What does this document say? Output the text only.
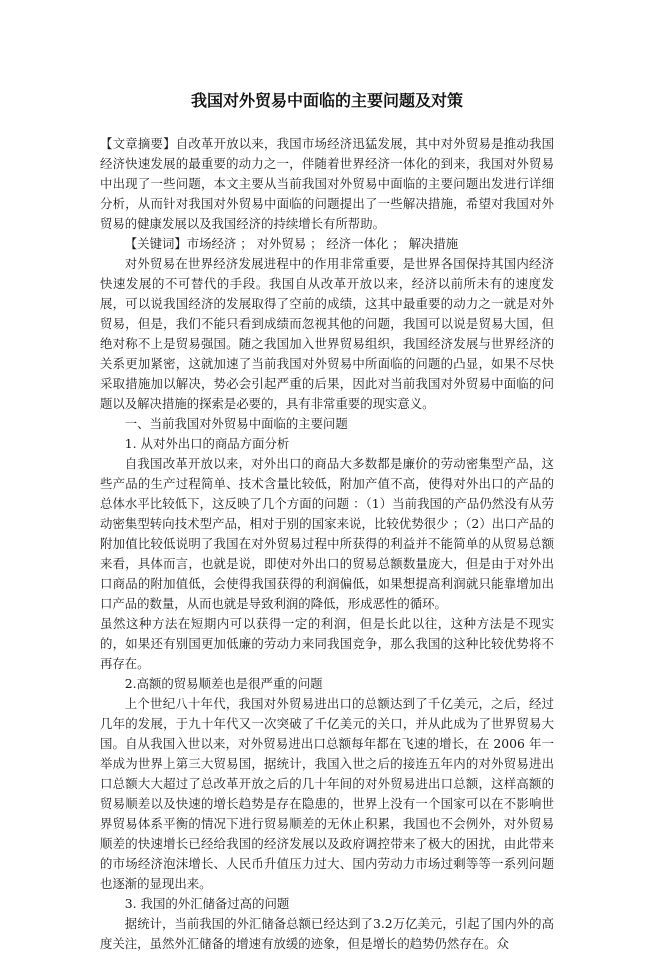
我国对外贸易中面临的主要问题及对策

【文章摘要】自改革开放以来，我国市场经济迅猛发展，其中对外贸易是推动我国经济快速发展的最重要的动力之一，伴随着世界经济一体化的到来，我国对外贸易中出现了一些问题，本文主要从当前我国对外贸易中面临的主要问题出发进行详细分析，从而针对我国对外贸易中面临的问题提出了一些解决措施，希望对我国对外贸易的健康发展以及我国经济的持续增长有所帮助。

【关键词】市场经济 ； 对外贸易 ； 经济一体化 ； 解决措施

对外贸易在世界经济发展进程中的作用非常重要，是世界各国保持其国内经济快速发展的不可替代的手段。我国自从改革开放以来，经济以前所未有的速度发展，可以说我国经济的发展取得了空前的成绩，这其中最重要的动力之一就是对外贸易，但是，我们不能只看到成绩而忽视其他的问题，我国可以说是贸易大国，但绝对称不上是贸易强国。随之我国加入世界贸易组织，我国经济发展与世界经济的关系更加紧密，这就加速了当前我国对外贸易中所面临的问题的凸显，如果不尽快采取措施加以解决，势必会引起严重的后果，因此对当前我国对外贸易中面临的问题以及解决措施的探索是必要的，具有非常重要的现实意义。

一、当前我国对外贸易中面临的主要问题

1. 从对外出口的商品方面分析

自我国改革开放以来，对外出口的商品大多数都是廉价的劳动密集型产品，这些产品的生产过程简单、技术含量比较低，附加产值不高，使得对外出口的产品的总体水平比较低下，这反映了几个方面的问题 ：（1）当前我国的产品仍然没有从劳动密集型转向技术型产品，相对于别的国家来说，比较优势很少 ；（2）出口产品的附加值比较低说明了我国在对外贸易过程中所获得的利益并不能简单的从贸易总额来看，具体而言，也就是说，即使对外出口的贸易总额数量庞大，但是由于对外出口商品的附加值低，会使得我国获得的利润偏低，如果想提高利润就只能靠增加出口产品的数量，从而也就是导致利润的降低，形成恶性的循环。

虽然这种方法在短期内可以获得一定的利润，但是长此以往，这种方法是不现实的，如果还有别国更加低廉的劳动力来同我国竞争，那么我国的这种比较优势将不再存在。

2.高额的贸易顺差也是很严重的问题

上个世纪八十年代，我国对外贸易进出口的总额达到了千亿美元，之后，经过几年的发展，于九十年代又一次突破了千亿美元的关口，并从此成为了世界贸易大国。自从我国入世以来，对外贸易进出口总额每年都在飞速的增长，在 2006 年一举成为世界上第三大贸易国，据统计，我国入世之后的接连五年内的对外贸易进出口总额大大超过了总改革开放之后的几十年间的对外贸易进出口总额，这样高额的贸易顺差以及快速的增长趋势是存在隐患的，世界上没有一个国家可以在不影响世界贸易体系平衡的情况下进行贸易顺差的无休止积累，我国也不会例外，对外贸易顺差的快速增长已经给我国的经济发展以及政府调控带来了极大的困扰，由此带来的市场经济泡沫增长、人民币升值压力过大、国内劳动力市场过剩等等一系列问题也逐渐的显现出来。

3. 我国的外汇储备过高的问题

据统计，当前我国的外汇储备总额已经达到了3.2万亿美元，引起了国内外的高度关注，虽然外汇储备的增速有放缓的迹象，但是增长的趋势仍然存在。众
